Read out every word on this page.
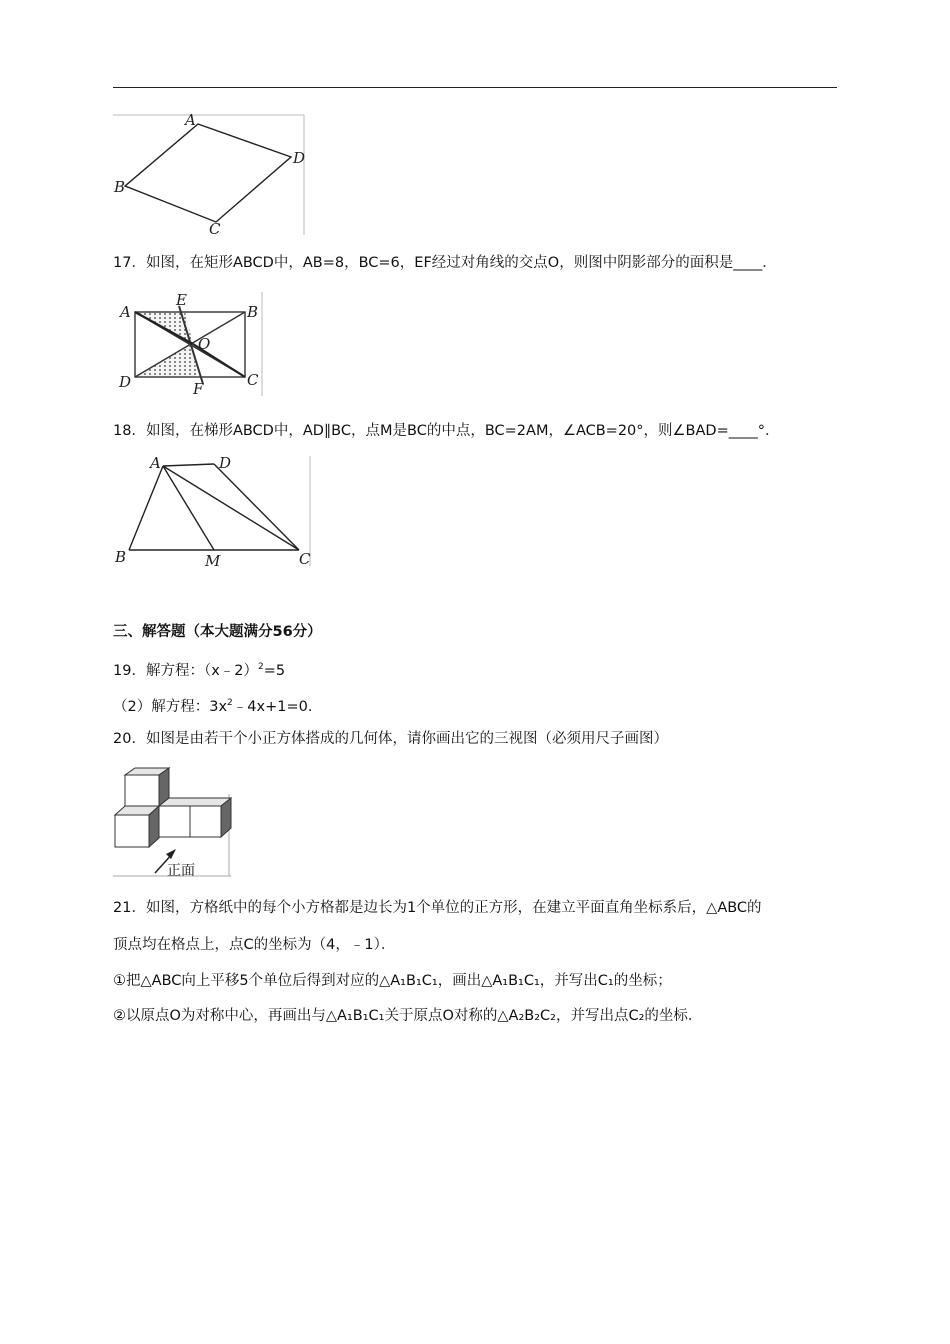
A
D
B
C
17．如图，在矩形ABCD中，AB=8，BC=6，EF经过对角线的交点O，则图中阴影部分的面积是____．
A
E
B
O
D	F	C
18．如图，在梯形ABCD中，AD∥BC，点M是BC的中点，BC=2AM，∠ACB=20°，则∠BAD=____°．
A	D
B	M	C
三、解答题（本大题满分56分）
19．解方程：（x﹣2）$^2$=5
（2）解方程：$3x^2﹣4x+1=0$.
20．如图是由若干个小正方体搭成的几何体，请你画出它的三视图（必须用尺子画图）
正面
21．如图，方格纸中的每个小方格都是边长为1个单位的正方形，在建立平面直角坐标系后，△ABC的
顶点均在格点上，点C的坐标为（4，﹣1）．
①把△ABC向上平移5个单位后得到对应的△A₁B₁C₁，画出△A₁B₁C₁，并写出C₁的坐标；
②以原点O为对称中心，再画出与△A₁B₁C₁关于原点O对称的△A₂B₂C₂，并写出点C₂的坐标．
